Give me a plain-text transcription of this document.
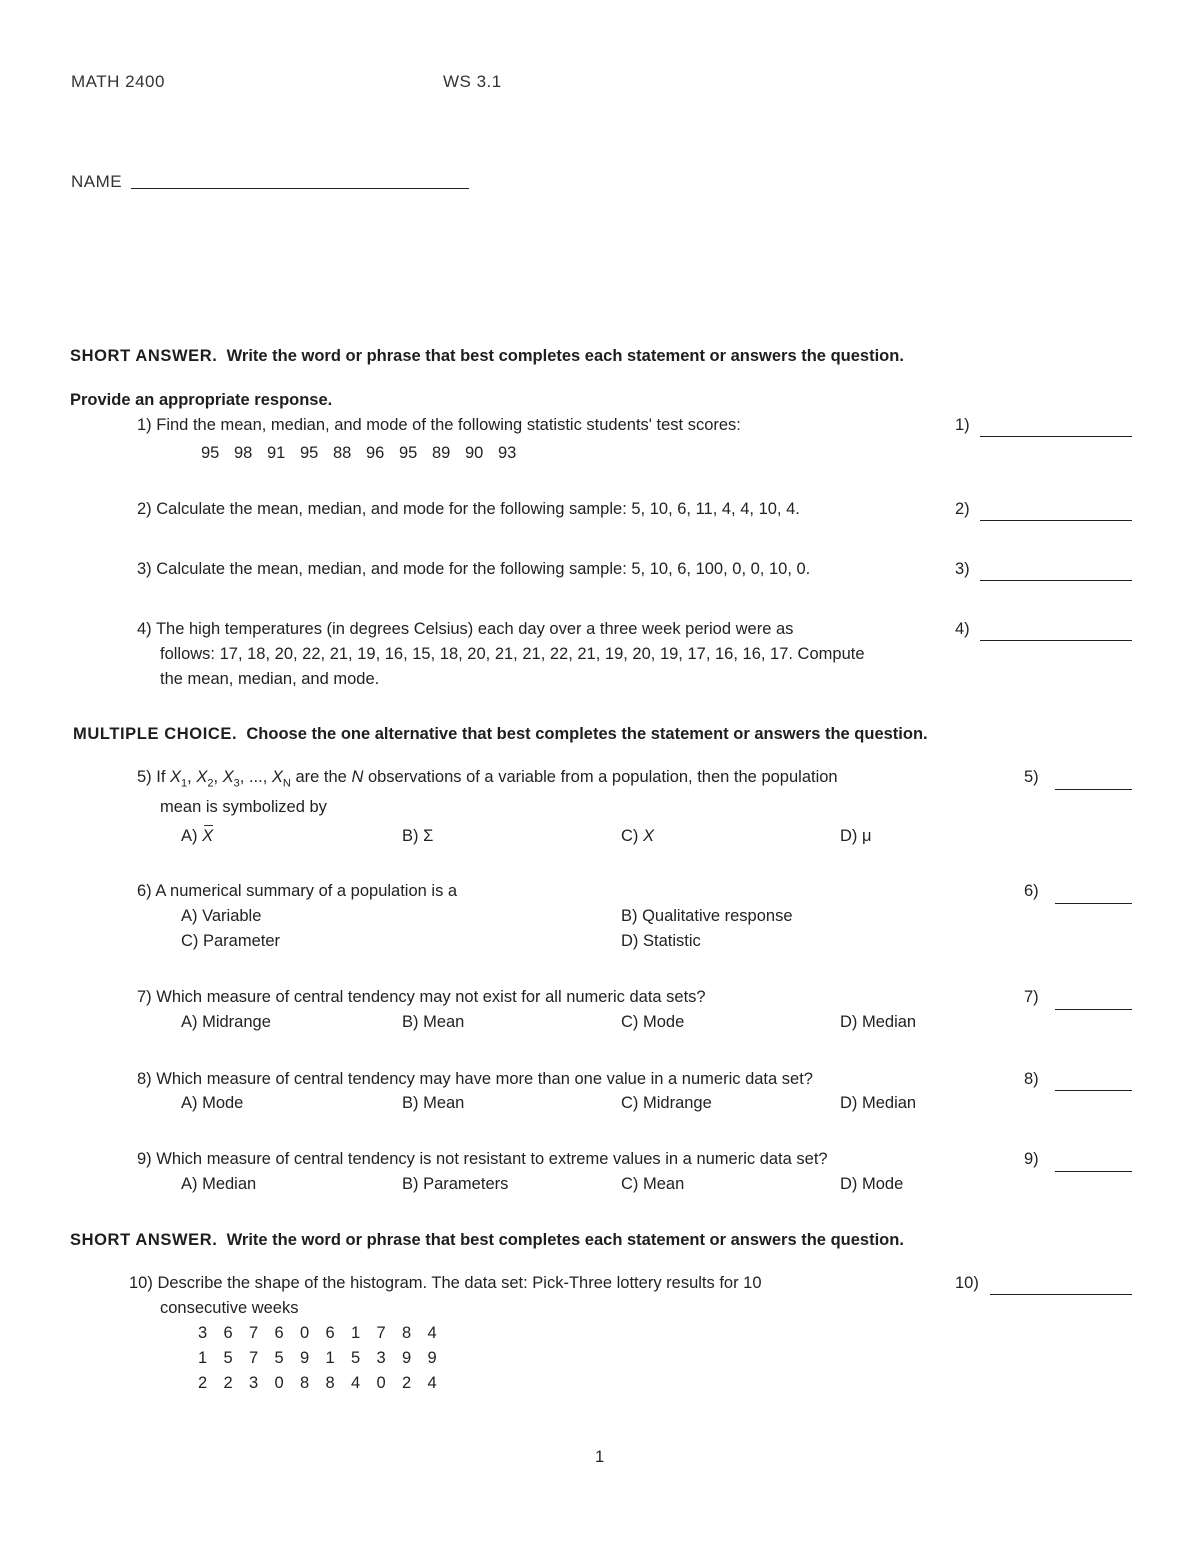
MATH 2400	WS 3.1
NAME
SHORT ANSWER. Write the word or phrase that best completes each statement or answers the question.
Provide an appropriate response.
1) Find the mean, median, and mode of the following statistic students' test scores:
95 98 91 95 88 96 95 89 90 93
1)
2) Calculate the mean, median, and mode for the following sample: 5, 10, 6, 11, 4, 4, 10, 4.	2)
3) Calculate the mean, median, and mode for the following sample: 5, 10, 6, 100, 0, 0, 10, 0.	3)
4) The high temperatures (in degrees Celsius) each day over a three week period were as
follows: 17, 18, 20, 22, 21, 19, 16, 15, 18, 20, 21, 21, 22, 21, 19, 20, 19, 17, 16, 16, 17. Compute
the mean, median, and mode.
4)
MULTIPLE CHOICE. Choose the one alternative that best completes the statement or answers the question.
5) If $X_1$, $X_2$, $X_3$, ..., $X_N$ are the N observations of a variable from a population, then the population
mean is symbolized by
A) X	B) Σ	C) X	D) μ
5)
6) A numerical summary of a population is a
A) Variable	B) Qualitative response
C) Parameter	D) Statistic
6)
7) Which measure of central tendency may not exist for all numeric data sets?
A) Midrange	B) Mean	C) Mode	D) Median
7)
8) Which measure of central tendency may have more than one value in a numeric data set?
A) Mode	B) Mean	C) Midrange	D) Median
8)
9) Which measure of central tendency is not resistant to extreme values in a numeric data set?
A) Median	B) Parameters	C) Mean	D) Mode
9)
SHORT ANSWER. Write the word or phrase that best completes each statement or answers the question.
10) Describe the shape of the histogram. The data set: Pick-Three lottery results for 10
consecutive weeks
3 6 7 6 0 6 1 7 8 4
1 5 7 5 9 1 5 3 9 9
2 2 3 0 8 8 4 0 2 4
10)
1
